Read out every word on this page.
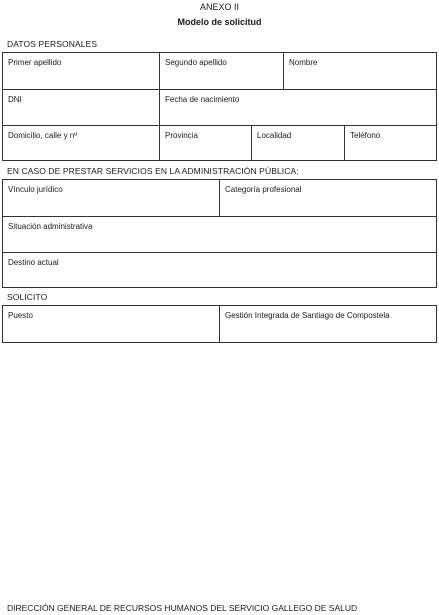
ANEXO II
Modelo de solicitud
DATOS PERSONALES
Primer apellido	Segundo apellido	Nombre
DNI	Fecha de nacimiento
Domicilio, calle y nº	Provincia	Localidad	Teléfono
EN CASO DE PRESTAR SERVICIOS EN LA ADMINISTRACIÓN PÚBLICA:
Vínculo jurídico	Categoría profesional
Situación administrativa
Destino actual
SOLICITO
Puesto	Gestión Integrada de Santiago de Compostela
DIRECCIÓN GENERAL DE RECURSOS HUMANOS DEL SERVICIO GALLEGO DE SALUD
